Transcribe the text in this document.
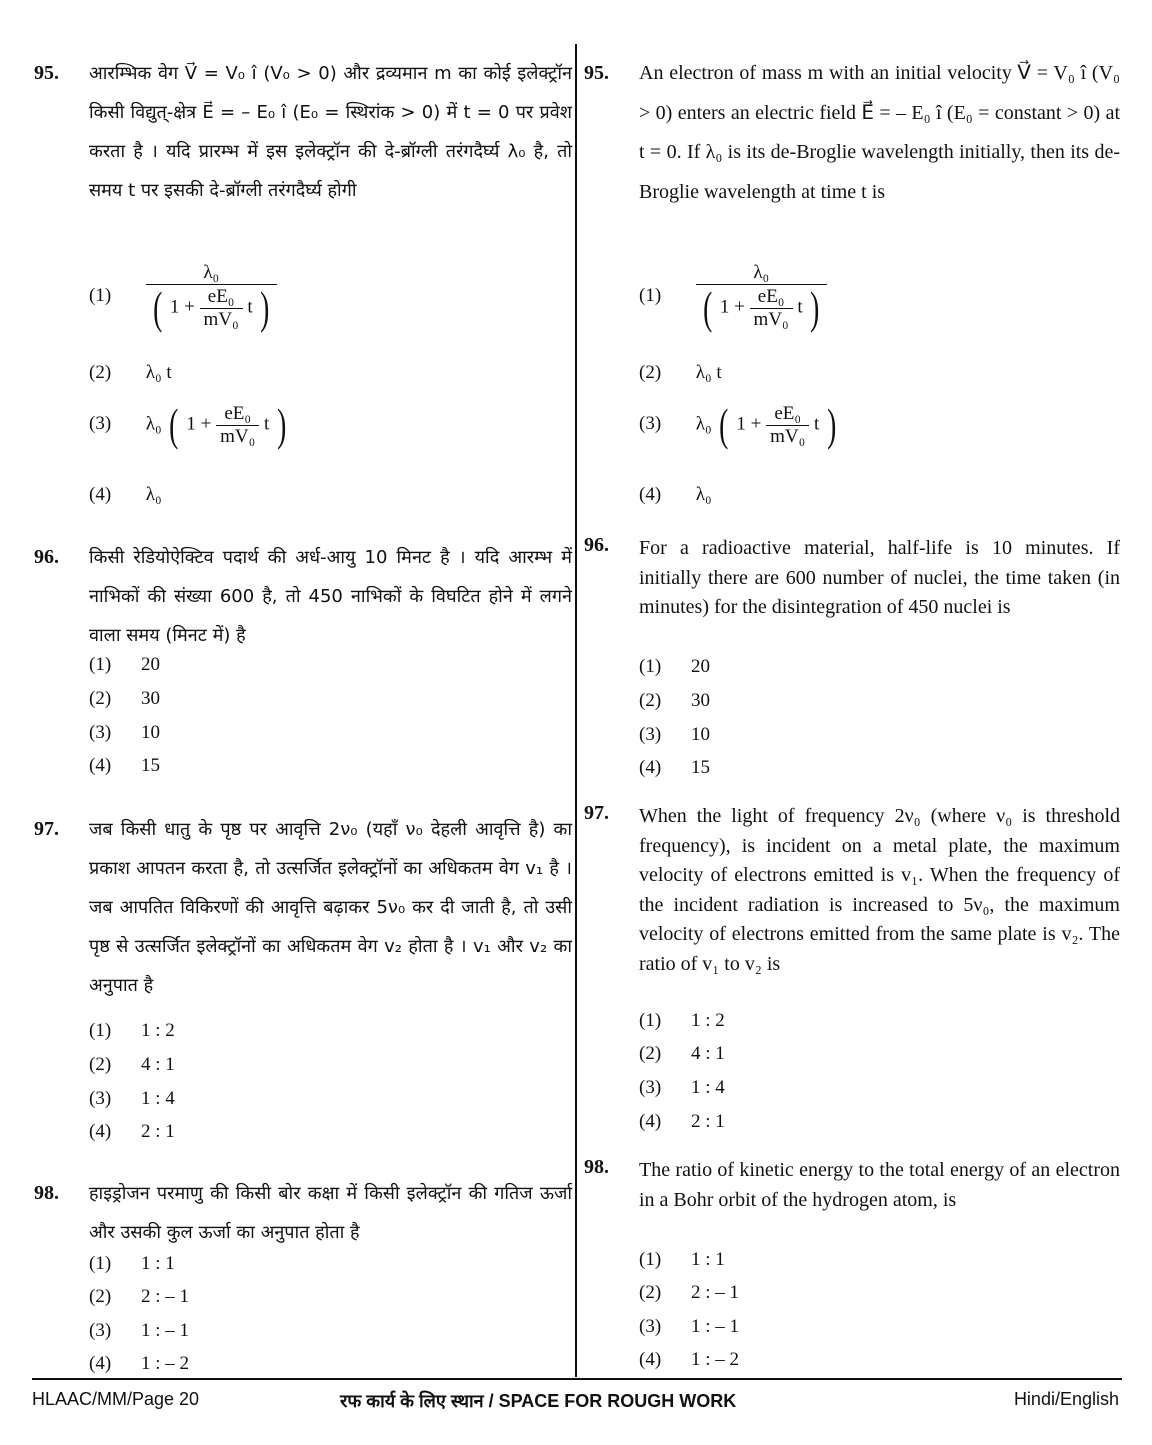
95. आरम्भिक वेग V⃗ = V₀ î (V₀ > 0) और द्रव्यमान m का कोई इलेक्ट्रॉन किसी विद्युत्-क्षेत्र E⃗ = – E₀ î (E₀ = स्थिरांक > 0) में t = 0 पर प्रवेश करता है । यदि प्रारम्भ में इस इलेक्ट्रॉन की दे-ब्रॉग्ली तरंगदैर्घ्य λ₀ है, तो समय t पर इसकी दे-ब्रॉग्ली तरंगदैर्घ्य होगी
(1)
λ₀
( $1 + \frac{\text{eE₀}}{\text{mV₀}}$ t )
(2) λ₀ t
(3) λ₀ ( $1 + \frac{\text{eE₀}}{\text{mV₀}}$ t )
(4) λ₀
96. किसी रेडियोऐक्टिव पदार्थ की अर्ध-आयु 10 मिनट है । यदि आरम्भ में नाभिकों की संख्या 600 है, तो 450 नाभिकों के विघटित होने में लगने वाला समय (मिनट में) है
(1) 20
(2) 30
(3) 10
(4) 15
97. जब किसी धातु के पृष्ठ पर आवृत्ति 2ν₀ (यहाँ ν₀ देहली आवृत्ति है) का प्रकाश आपतन करता है, तो उत्सर्जित इलेक्ट्रॉनों का अधिकतम वेग v₁ है । जब आपतित विकिरणों की आवृत्ति बढ़ाकर 5ν₀ कर दी जाती है, तो उसी पृष्ठ से उत्सर्जित इलेक्ट्रॉनों का अधिकतम वेग v₂ होता है । v₁ और v₂ का अनुपात है
(1) 1 : 2
(2) 4 : 1
(3) 1 : 4
(4) 2 : 1
98. हाइड्रोजन परमाणु की किसी बोर कक्षा में किसी इलेक्ट्रॉन की गतिज ऊर्जा और उसकी कुल ऊर्जा का अनुपात होता है
(1) 1 : 1
(2) 2 : – 1
(3) 1 : – 1
(4) 1 : – 2
95. An electron of mass m with an initial velocity V⃗ = V₀ î (V₀ > 0) enters an electric field E⃗ = – E₀ î (E₀ = constant > 0) at t = 0. If λ₀ is its de-Broglie wavelength initially, then its de-Broglie wavelength at time t is
(1)
λ₀
( $1 + \frac{\text{eE₀}}{\text{mV₀}}$ t )
(2) λ₀ t
(3) λ₀ ( $1 + \frac{\text{eE₀}}{\text{mV₀}}$ t )
(4) λ₀
96. For a radioactive material, half-life is 10 minutes. If initially there are 600 number of nuclei, the time taken (in minutes) for the disintegration of 450 nuclei is
(1) 20
(2) 30
(3) 10
(4) 15
97. When the light of frequency 2ν₀ (where ν₀ is threshold frequency), is incident on a metal plate, the maximum velocity of electrons emitted is v₁. When the frequency of the incident radiation is increased to 5ν₀, the maximum velocity of electrons emitted from the same plate is v₂. The ratio of v₁ to v₂ is
(1) 1 : 2
(2) 4 : 1
(3) 1 : 4
(4) 2 : 1
98. The ratio of kinetic energy to the total energy of an electron in a Bohr orbit of the hydrogen atom, is
(1) 1 : 1
(2) 2 : – 1
(3) 1 : – 1
(4) 1 : – 2
HLAAC/MM/Page 20	रफ कार्य के लिए स्थान / SPACE FOR ROUGH WORK	Hindi/English
